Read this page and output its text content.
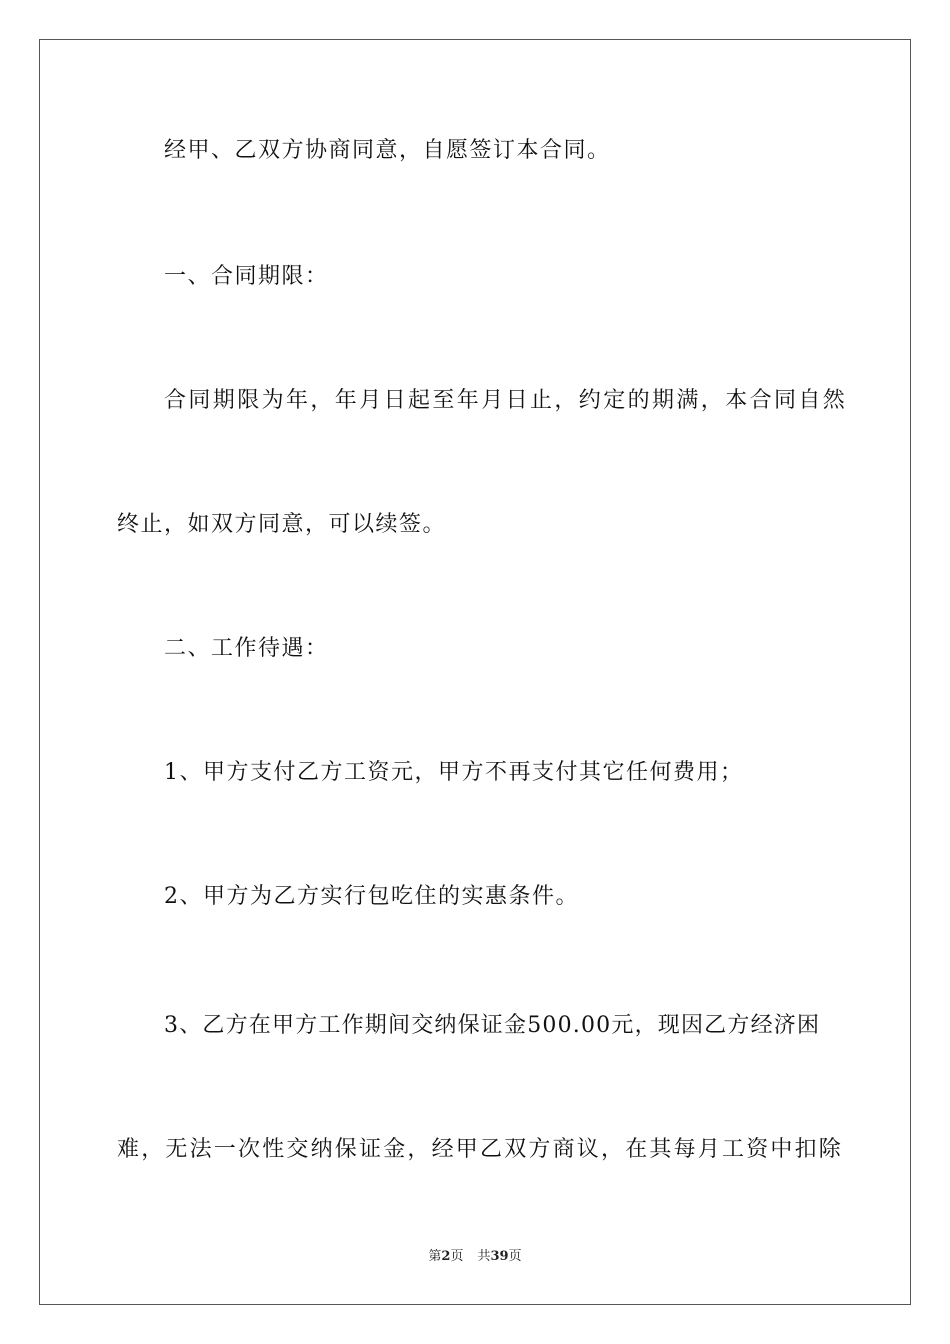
经甲、乙双方协商同意，自愿签订本合同。
一、合同期限：
合同期限为年，年月日起至年月日止，约定的期满，本合同自然
终止，如双方同意，可以续签。
二、工作待遇：
1、甲方支付乙方工资元，甲方不再支付其它任何费用；
2、甲方为乙方实行包吃住的实惠条件。
3、乙方在甲方工作期间交纳保证金500.00元，现因乙方经济困
难，无法一次性交纳保证金，经甲乙双方商议，在其每月工资中扣除
第2页 共39页
